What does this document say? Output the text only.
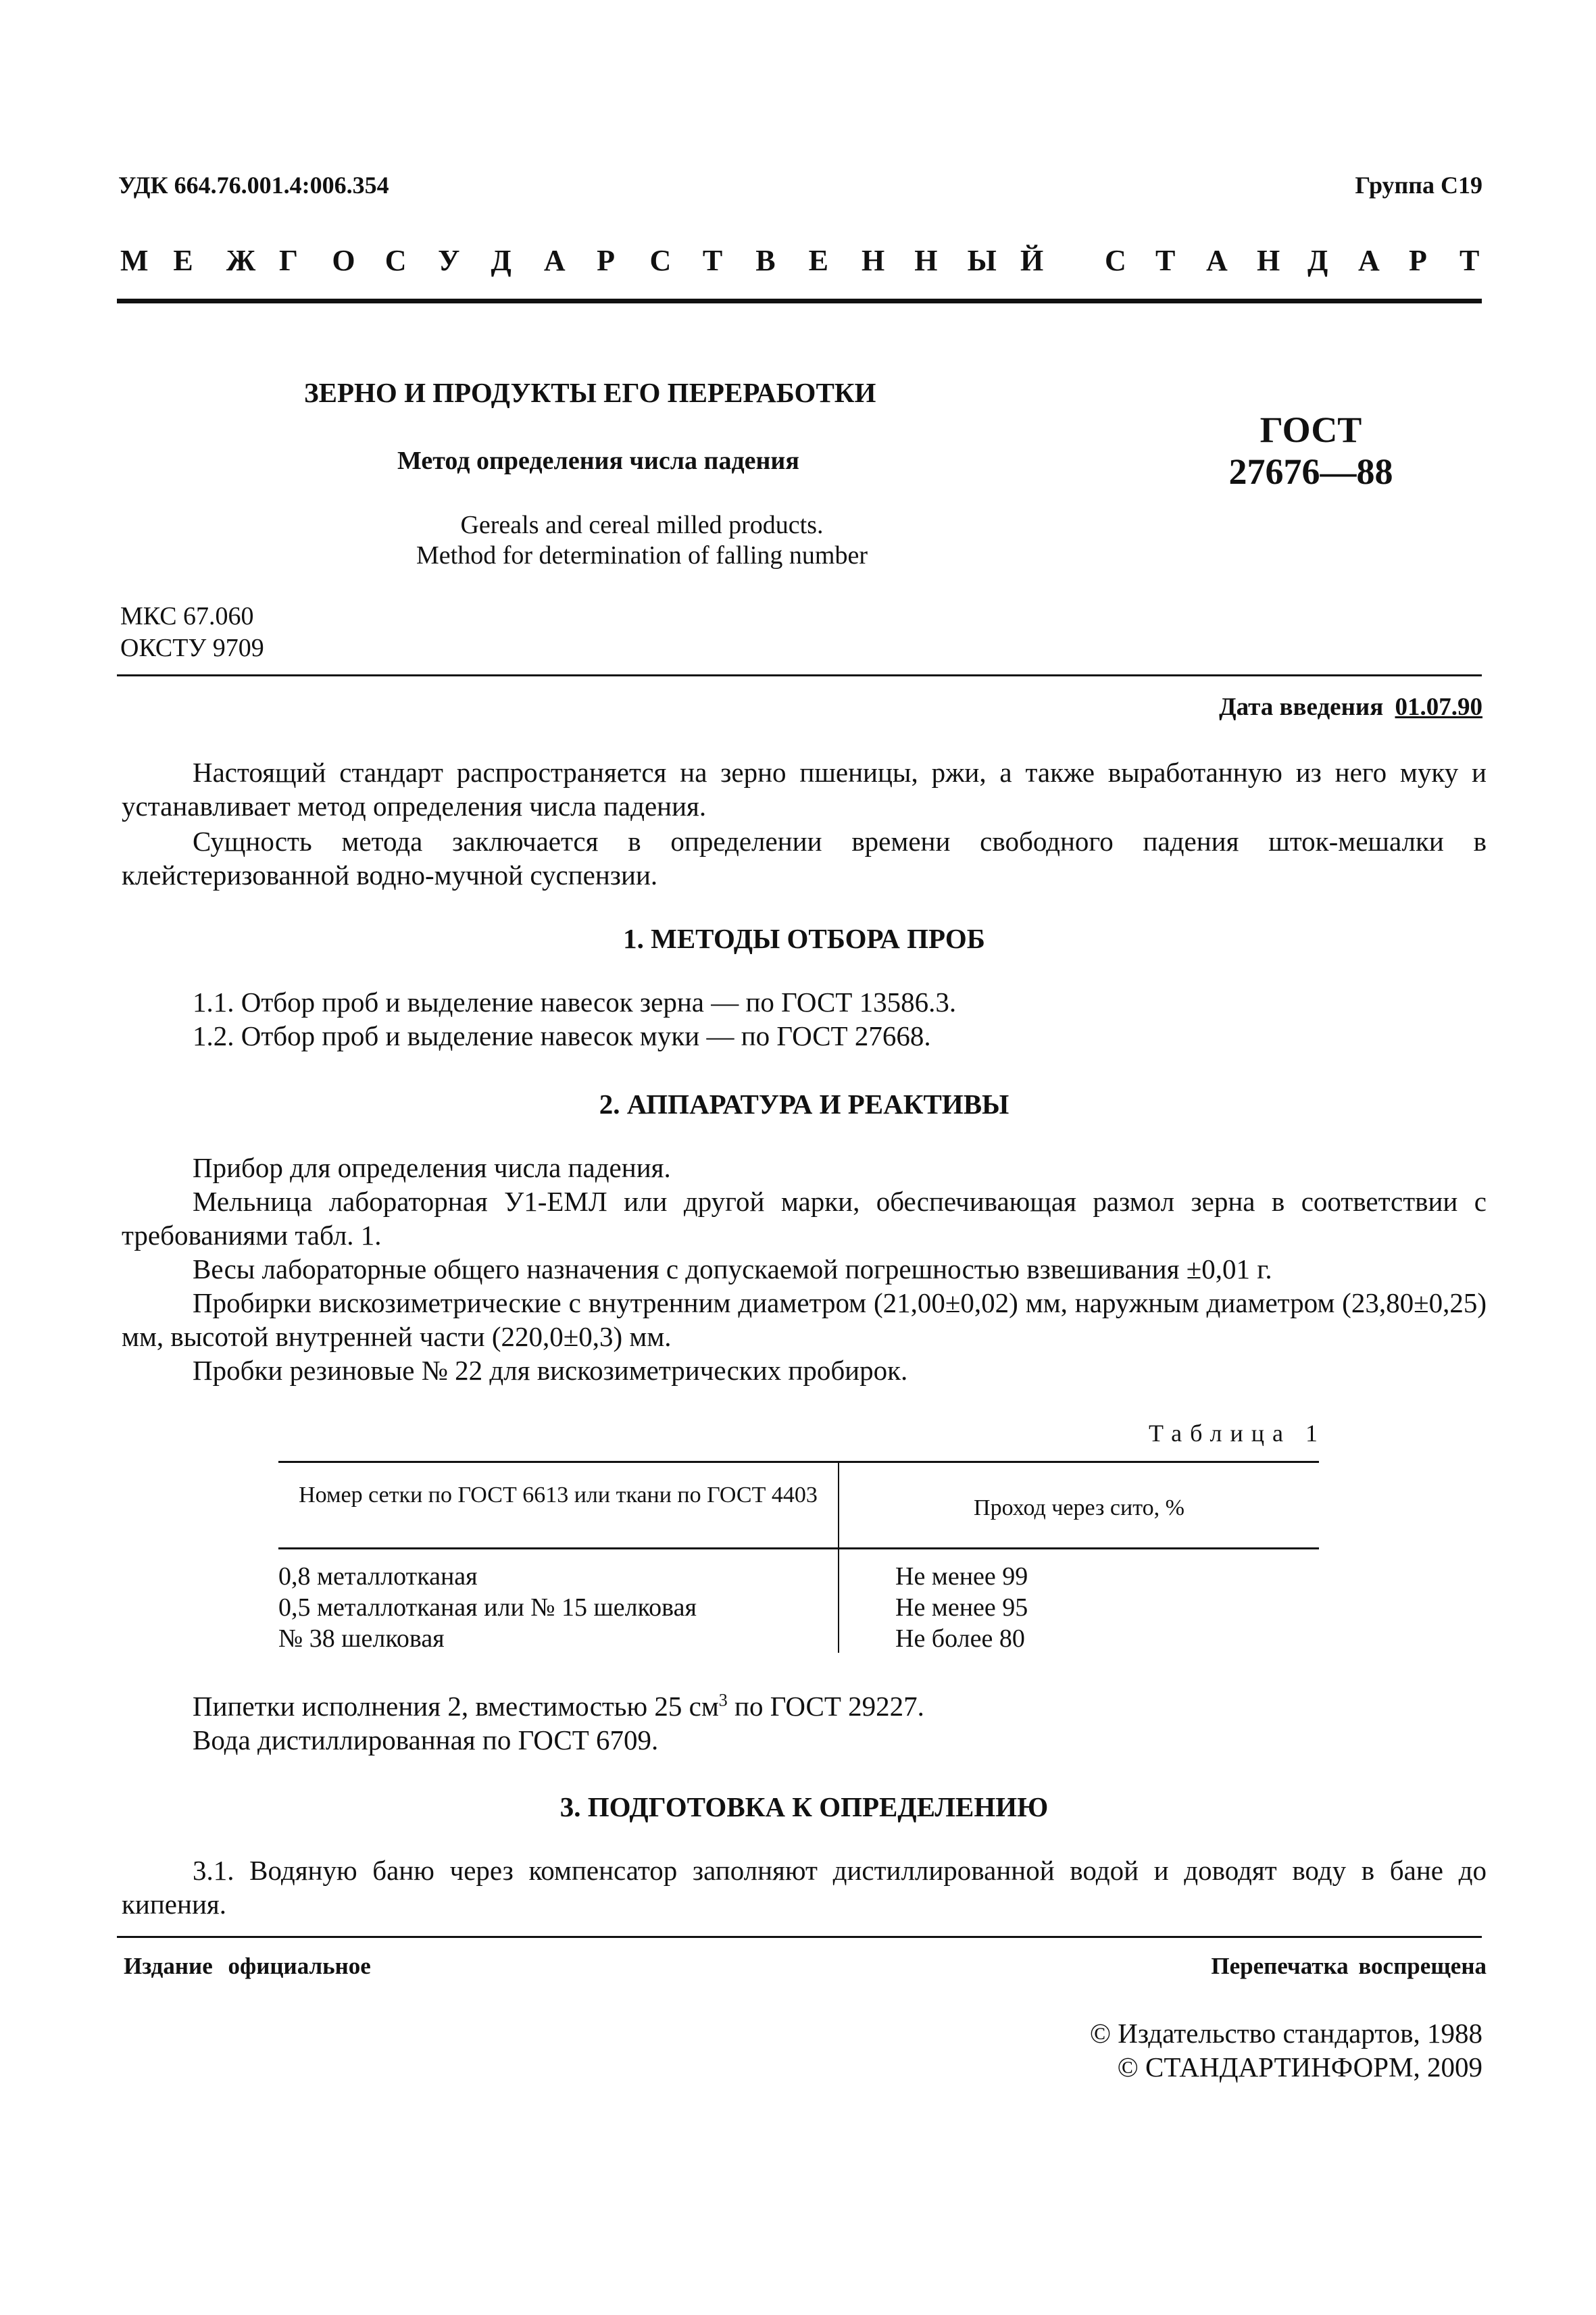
УДК 664.76.001.4:006.354	Группа С19
М Е Ж Г О С У Д А Р С Т В Е Н Н Ы Й С Т А Н Д А Р Т
ЗЕРНО И ПРОДУКТЫ ЕГО ПЕРЕРАБОТКИ
Метод определения числа падения
Gereals and cereal milled products.
Method for determination of falling number
ГОСТ
27676—88
МКС 67.060
ОКСТУ 9709
Дата введения 01.07.90
Настоящий стандарт распространяется на зерно пшеницы, ржи, а также выработанную из него муку и устанавливает метод определения числа падения.
Сущность метода заключается в определении времени свободного падения шток-мешалки в клейстеризованной водно-мучной суспензии.
1. МЕТОДЫ ОТБОРА ПРОБ
1.1. Отбор проб и выделение навесок зерна — по ГОСТ 13586.3.
1.2. Отбор проб и выделение навесок муки — по ГОСТ 27668.
2. АППАРАТУРА И РЕАКТИВЫ
Прибор для определения числа падения.
Мельница лабораторная У1-ЕМЛ или другой марки, обеспечивающая размол зерна в соответствии с требованиями табл. 1.
Весы лабораторные общего назначения с допускаемой погрешностью взвешивания ±0,01 г.
Пробирки вискозиметрические с внутренним диаметром (21,00±0,02) мм, наружным диаметром (23,80±0,25) мм, высотой внутренней части (220,0±0,3) мм.
Пробки резиновые № 22 для вискозиметрических пробирок.
Таблица 1
Номер сетки по ГОСТ 6613 или ткани по ГОСТ 4403
Проход через сито, %
0,8 металлотканая
0,5 металлотканая или № 15 шелковая
№ 38 шелковая
Не менее 99
Не менее 95
Не более 80
Пипетки исполнения 2, вместимостью 25 $см^3$ по ГОСТ 29227.
Вода дистиллированная по ГОСТ 6709.
3. ПОДГОТОВКА К ОПРЕДЕЛЕНИЮ
3.1. Водяную баню через компенсатор заполняют дистиллированной водой и доводят воду в бане до кипения.
Издание официальное	Перепечатка воспрещена
© Издательство стандартов, 1988
© СТАНДАРТИНФОРМ, 2009
